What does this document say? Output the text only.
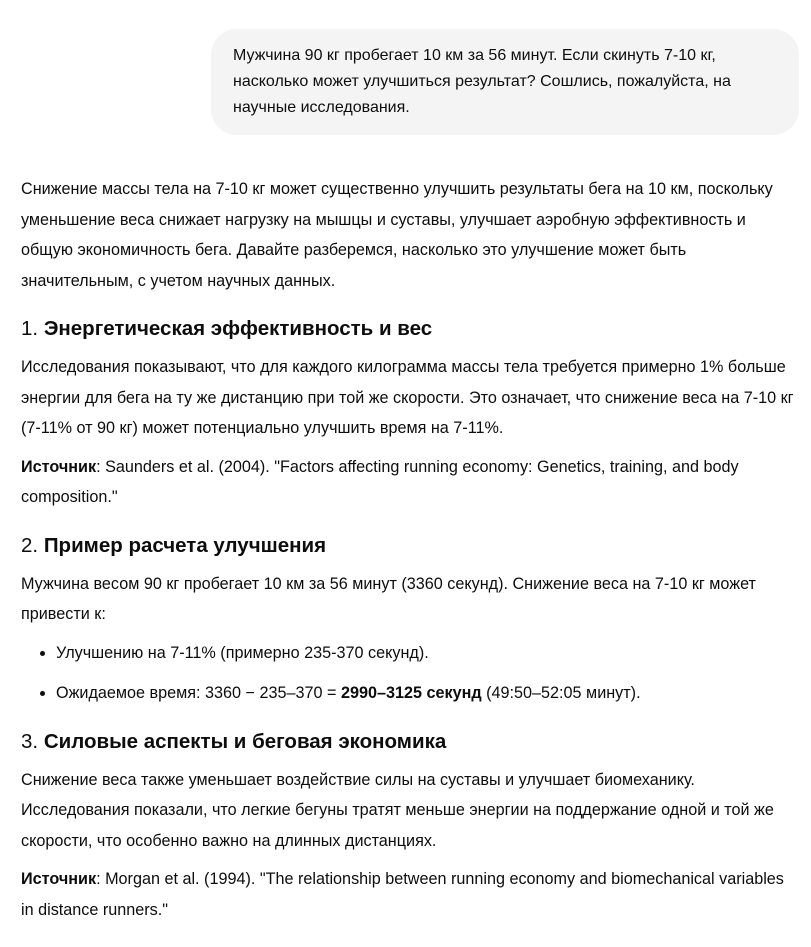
Мужчина 90 кг пробегает 10 км за 56 минут. Если скинуть 7-10 кг, насколько может улучшиться результат? Сошлись, пожалуйста, на научные исследования.

Снижение массы тела на 7-10 кг может существенно улучшить результаты бега на 10 км, поскольку уменьшение веса снижает нагрузку на мышцы и суставы, улучшает аэробную эффективность и общую экономичность бега. Давайте разберемся, насколько это улучшение может быть значительным, с учетом научных данных.

1. Энергетическая эффективность и вес

Исследования показывают, что для каждого килограмма массы тела требуется примерно 1% больше энергии для бега на ту же дистанцию при той же скорости. Это означает, что снижение веса на 7-10 кг (7-11% от 90 кг) может потенциально улучшить время на 7-11%.

Источник: Saunders et al. (2004). "Factors affecting running economy: Genetics, training, and body composition."

2. Пример расчета улучшения

Мужчина весом 90 кг пробегает 10 км за 56 минут (3360 секунд). Снижение веса на 7-10 кг может привести к:

• Улучшению на 7-11% (примерно 235-370 секунд).
• Ожидаемое время: 3360 − 235–370 = 2990–3125 секунд (49:50–52:05 минут).
3. Силовые аспекты и беговая экономика

Снижение веса также уменьшает воздействие силы на суставы и улучшает биомеханику. Исследования показали, что легкие бегуны тратят меньше энергии на поддержание одной и той же скорости, что особенно важно на длинных дистанциях.

Источник: Morgan et al. (1994). "The relationship between running economy and biomechanical variables in distance runners."
